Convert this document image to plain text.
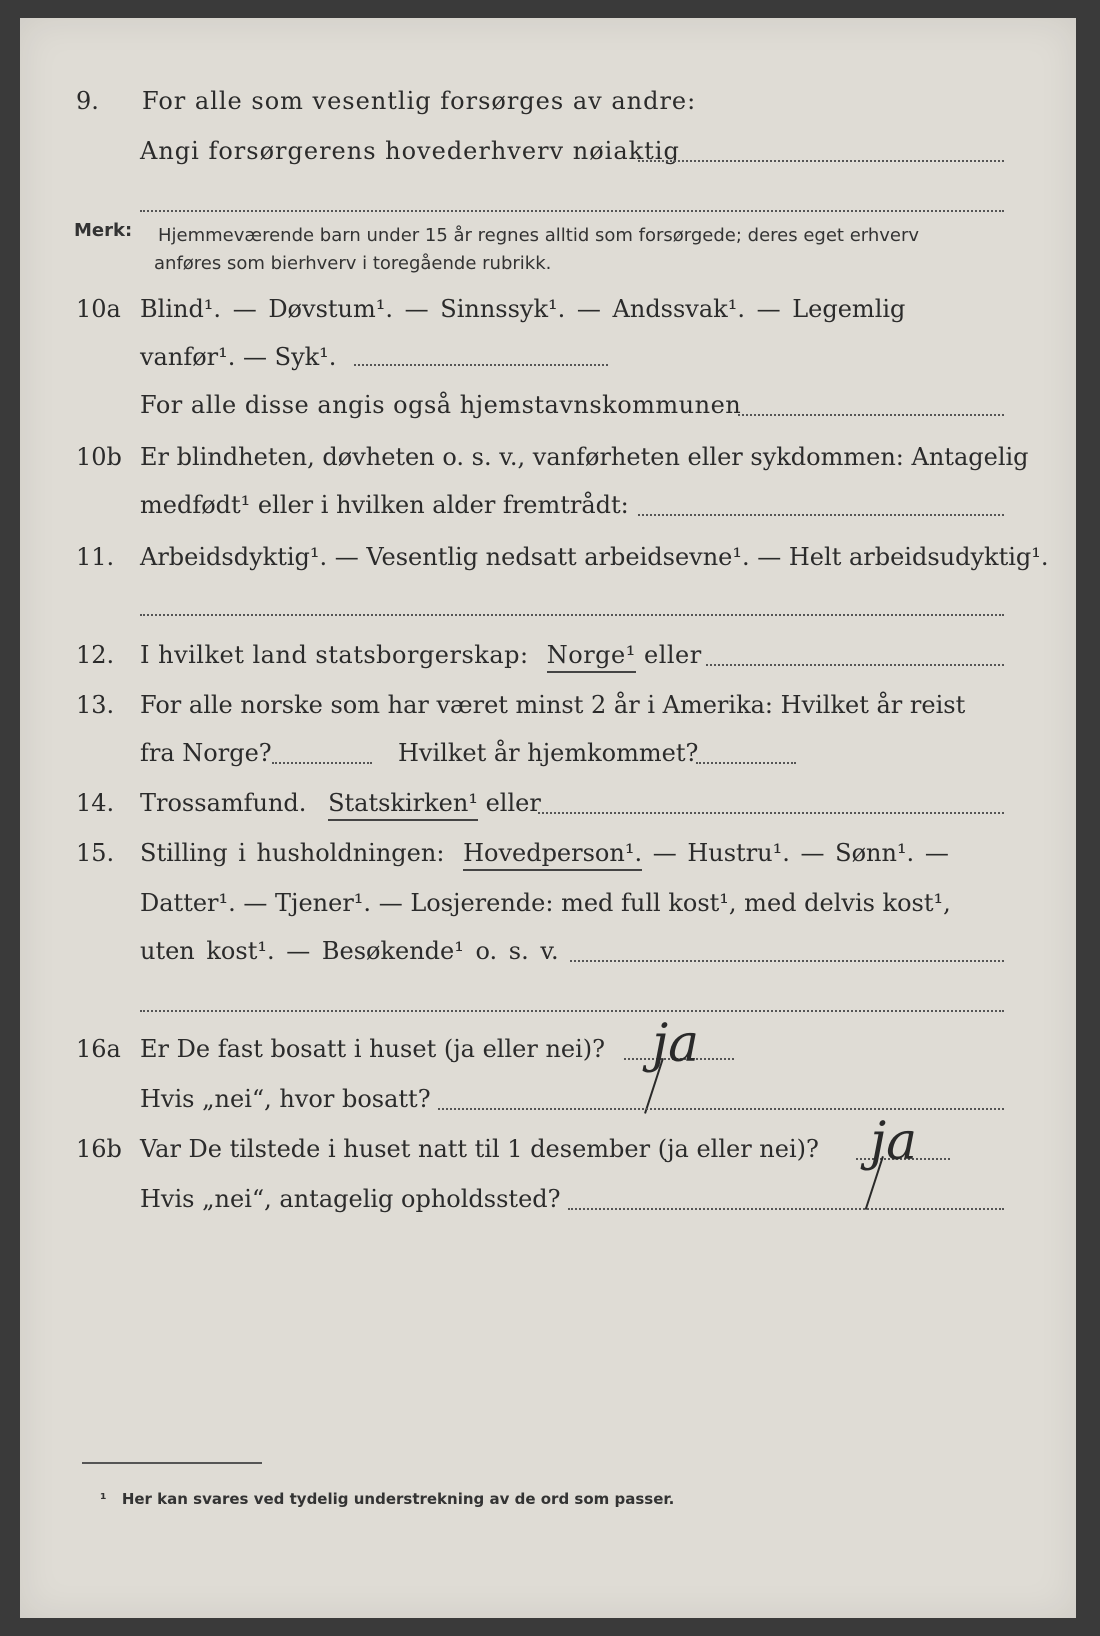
9. For alle som vesentlig forsørges av andre:
Angi forsørgerens hovederhverv nøiaktig
Merk: Hjemmeværende barn under 15 år regnes alltid som forsørgede; deres eget erhverv
anføres som bierhverv i toregående rubrikk.
10a Blind¹. — Døvstum¹. — Sinnssyk¹. — Andssvak¹. — Legemlig
vanfør¹. — Syk¹.
For alle disse angis også hjemstavnskommunen
10b Er blindheten, døvheten o. s. v., vanførheten eller sykdommen: Antagelig
medfødt¹ eller i hvilken alder fremtrådt:
11. Arbeidsdyktig¹. — Vesentlig nedsatt arbeidsevne¹. — Helt arbeidsudyktig¹.
12. I hvilket land statsborgerskap: Norge¹ eller
13. For alle norske som har været minst 2 år i Amerika: Hvilket år reist
fra Norge?	Hvilket år hjemkommet?
14. Trossamfund. Statskirken¹ eller
15. Stilling i husholdningen: Hovedperson¹. — Hustru¹. — Sønn¹. —
Datter¹. — Tjener¹. — Losjerende: med full kost¹, med delvis kost¹,
uten kost¹. — Besøkende¹ o. s. v.
16a Er De fast bosatt i huset (ja eller nei)? ja
Hvis „nei“, hvor bosatt?
16b Var De tilstede i huset natt til 1 desember (ja eller nei)? ja
Hvis „nei“, antagelig opholdssted?
¹ Her kan svares ved tydelig understrekning av de ord som passer.
